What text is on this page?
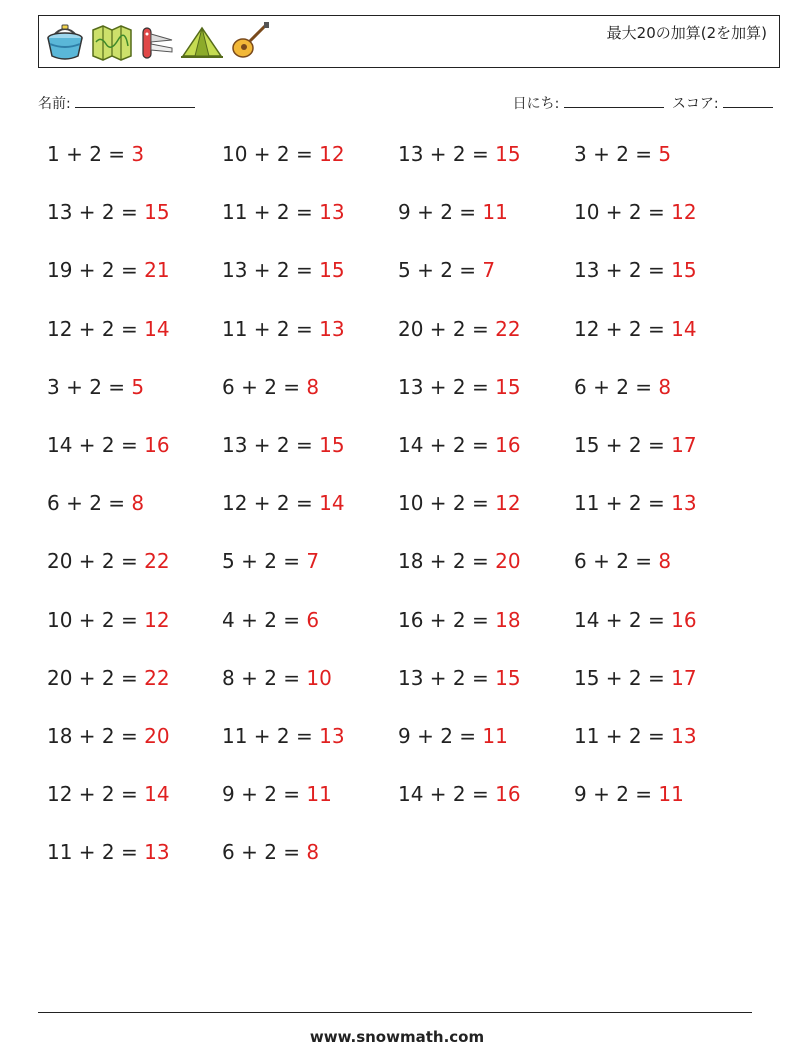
最大20の加算(2を加算)
名前:	日にち:	スコア:
1 + 2 = 3	10 + 2 = 12	13 + 2 = 15	3 + 2 = 5
13 + 2 = 15	11 + 2 = 13	9 + 2 = 11	10 + 2 = 12
19 + 2 = 21	13 + 2 = 15	5 + 2 = 7	13 + 2 = 15
12 + 2 = 14	11 + 2 = 13	20 + 2 = 22	12 + 2 = 14
3 + 2 = 5	6 + 2 = 8	13 + 2 = 15	6 + 2 = 8
14 + 2 = 16	13 + 2 = 15	14 + 2 = 16	15 + 2 = 17
6 + 2 = 8	12 + 2 = 14	10 + 2 = 12	11 + 2 = 13
20 + 2 = 22	5 + 2 = 7	18 + 2 = 20	6 + 2 = 8
10 + 2 = 12	4 + 2 = 6	16 + 2 = 18	14 + 2 = 16
20 + 2 = 22	8 + 2 = 10	13 + 2 = 15	15 + 2 = 17
18 + 2 = 20	11 + 2 = 13	9 + 2 = 11	11 + 2 = 13
12 + 2 = 14	9 + 2 = 11	14 + 2 = 16	9 + 2 = 11
11 + 2 = 13	6 + 2 = 8
www.snowmath.com
